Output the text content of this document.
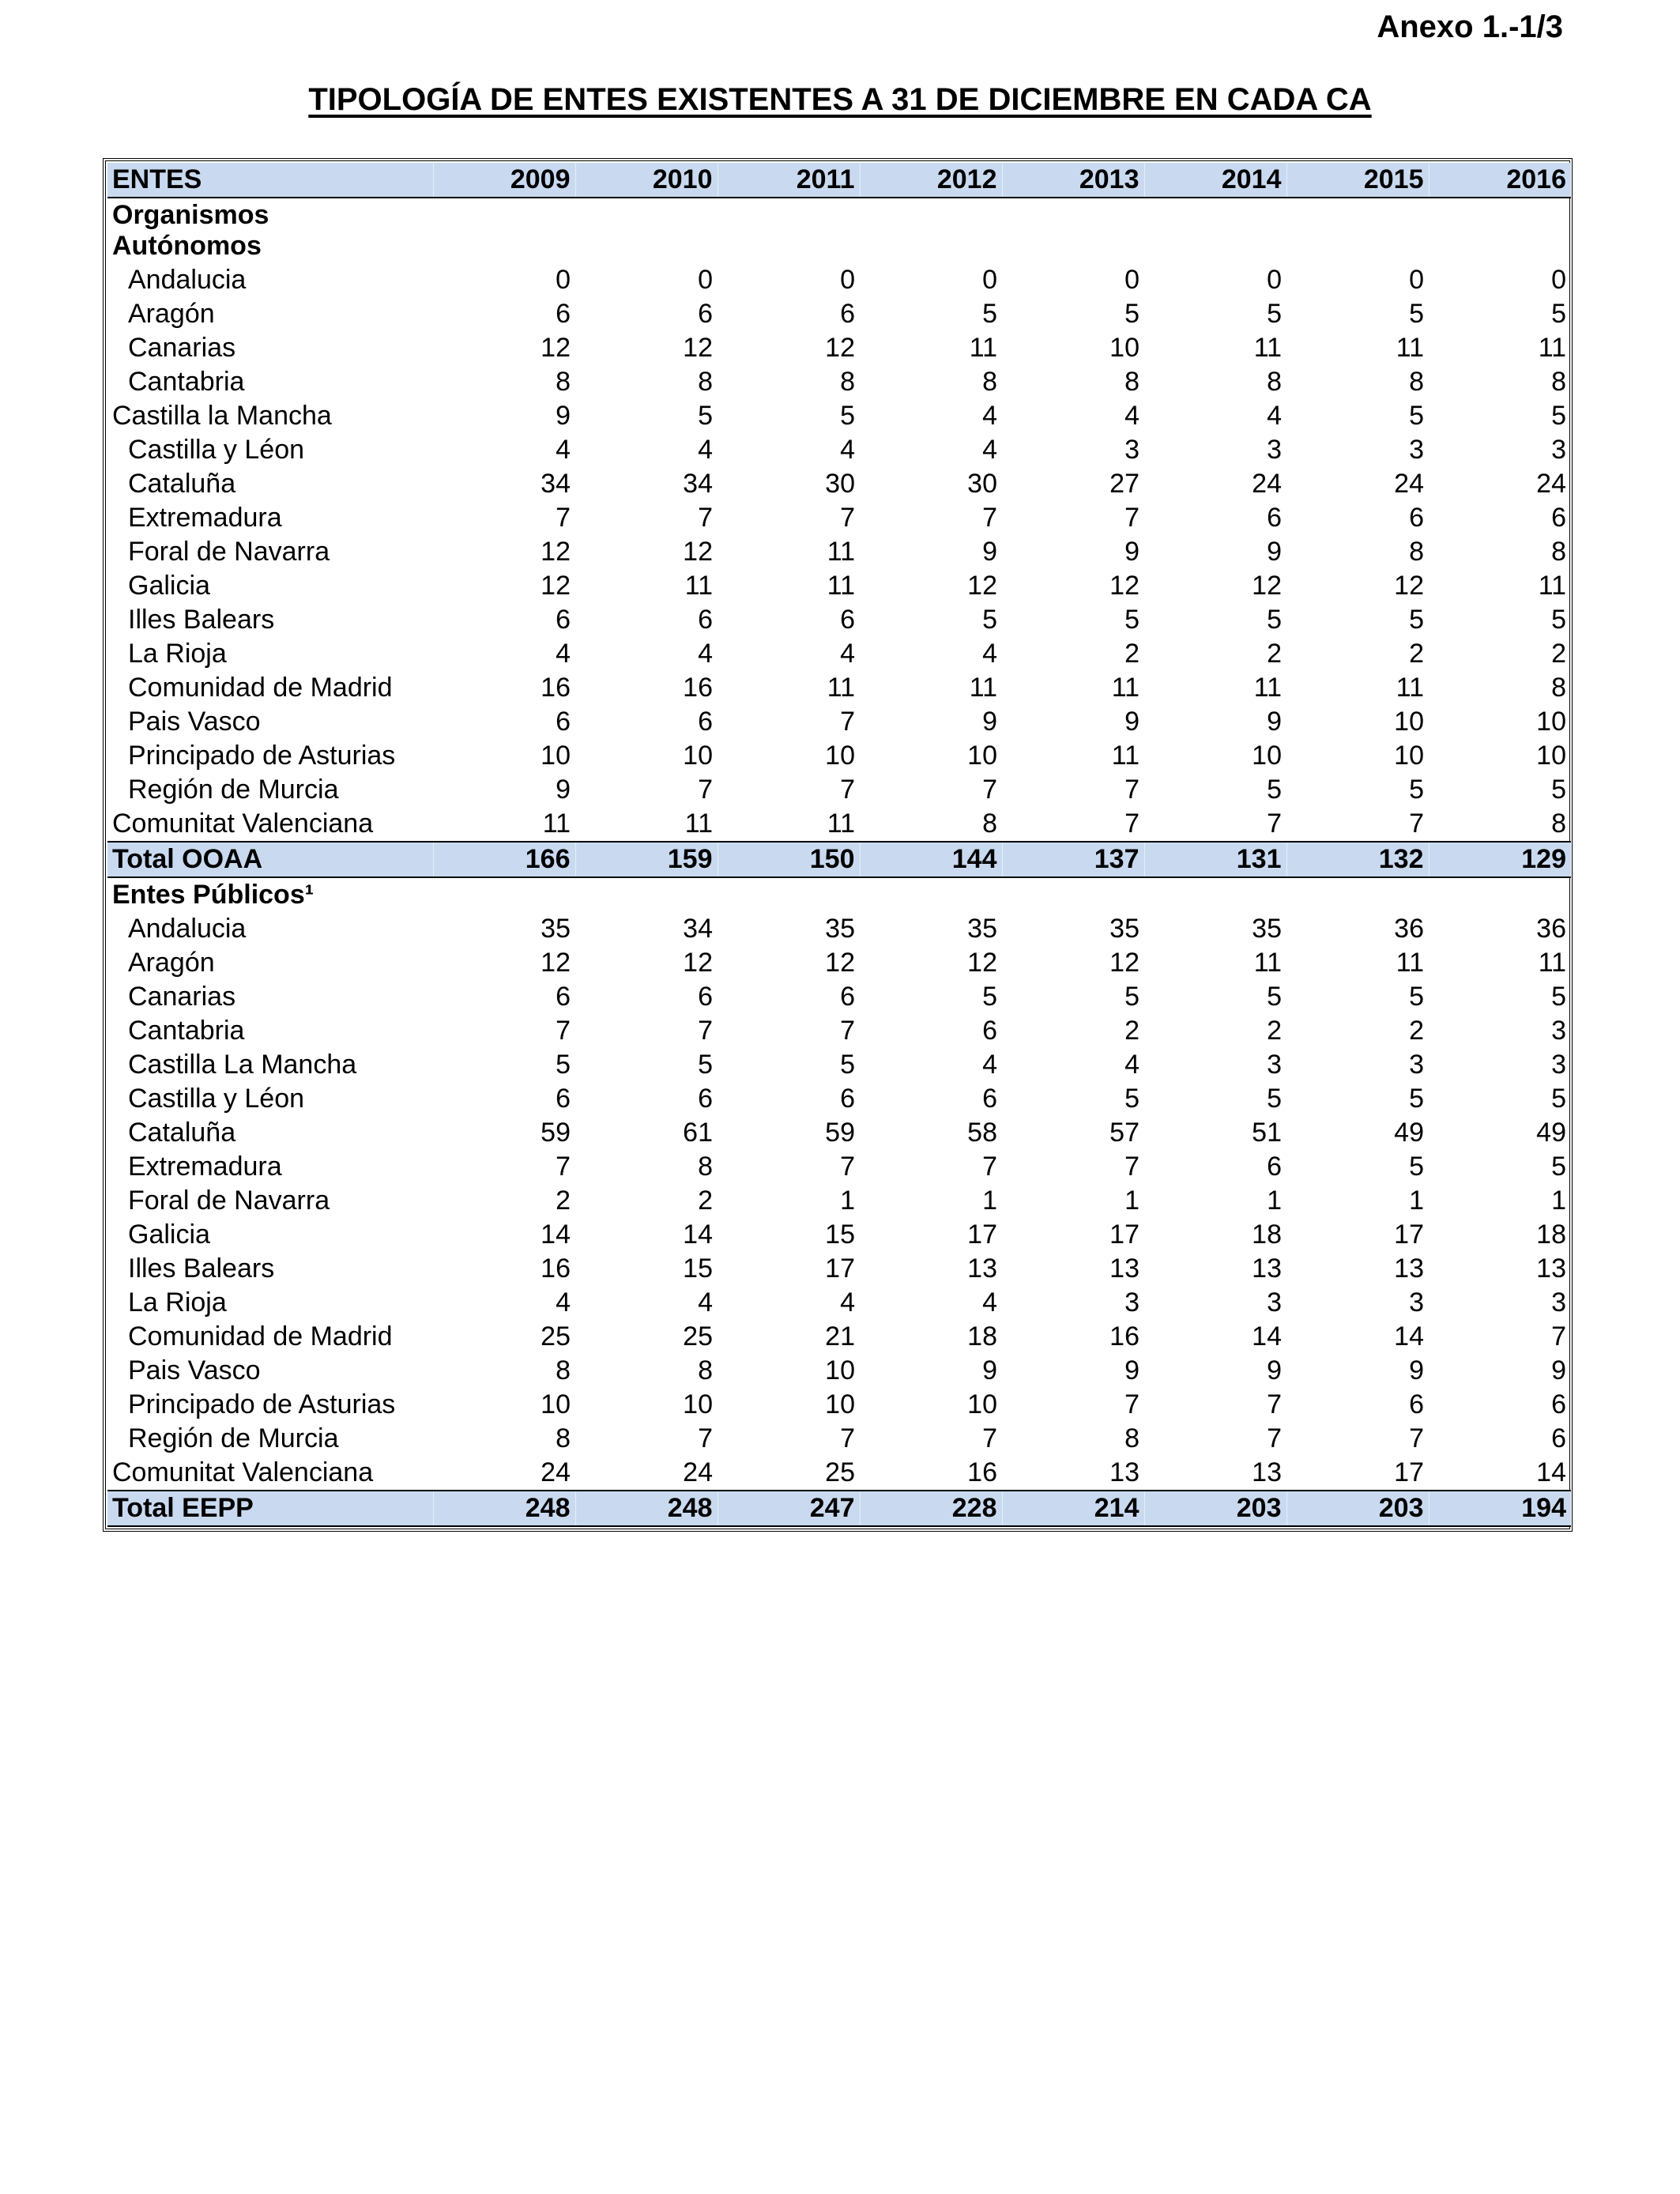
Anexo 1.-1/3
TIPOLOGÍA DE ENTES EXISTENTES A 31 DE DICIEMBRE EN CADA CA
ENTES	2009	2010	2011	2012	2013	2014	2015	2016

Organismos
Autónomos								

Andalucia	0	0	0	0	0	0	0	0
Aragón	6	6	6	5	5	5	5	5
Canarias	12	12	12	11	10	11	11	11
Cantabria	8	8	8	8	8	8	8	8
Castilla la Mancha	9	5	5	4	4	4	5	5
Castilla y Léon	4	4	4	4	3	3	3	3
Cataluña	34	34	30	30	27	24	24	24
Extremadura	7	7	7	7	7	6	6	6
Foral de Navarra	12	12	11	9	9	9	8	8
Galicia	12	11	11	12	12	12	12	11
Illes Balears	6	6	6	5	5	5	5	5
La Rioja	4	4	4	4	2	2	2	2
Comunidad de Madrid	16	16	11	11	11	11	11	8
Pais Vasco	6	6	7	9	9	9	10	10
Principado de Asturias	10	10	10	10	11	10	10	10
Región de Murcia	9	7	7	7	7	5	5	5
Comunitat Valenciana	11	11	11	8	7	7	7	8
Total OOAA	166	159	150	144	137	131	132	129
Entes Públicos¹								
Andalucia	35	34	35	35	35	35	36	36
Aragón	12	12	12	12	12	11	11	11
Canarias	6	6	6	5	5	5	5	5
Cantabria	7	7	7	6	2	2	2	3
Castilla La Mancha	5	5	5	4	4	3	3	3
Castilla y Léon	6	6	6	6	5	5	5	5
Cataluña	59	61	59	58	57	51	49	49
Extremadura	7	8	7	7	7	6	5	5
Foral de Navarra	2	2	1	1	1	1	1	1
Galicia	14	14	15	17	17	18	17	18
Illes Balears	16	15	17	13	13	13	13	13
La Rioja	4	4	4	4	3	3	3	3
Comunidad de Madrid	25	25	21	18	16	14	14	7
Pais Vasco	8	8	10	9	9	9	9	9
Principado de Asturias	10	10	10	10	7	7	6	6
Región de Murcia	8	7	7	7	8	7	7	6
Comunitat Valenciana	24	24	25	16	13	13	17	14
Total EEPP	248	248	247	228	214	203	203	194
